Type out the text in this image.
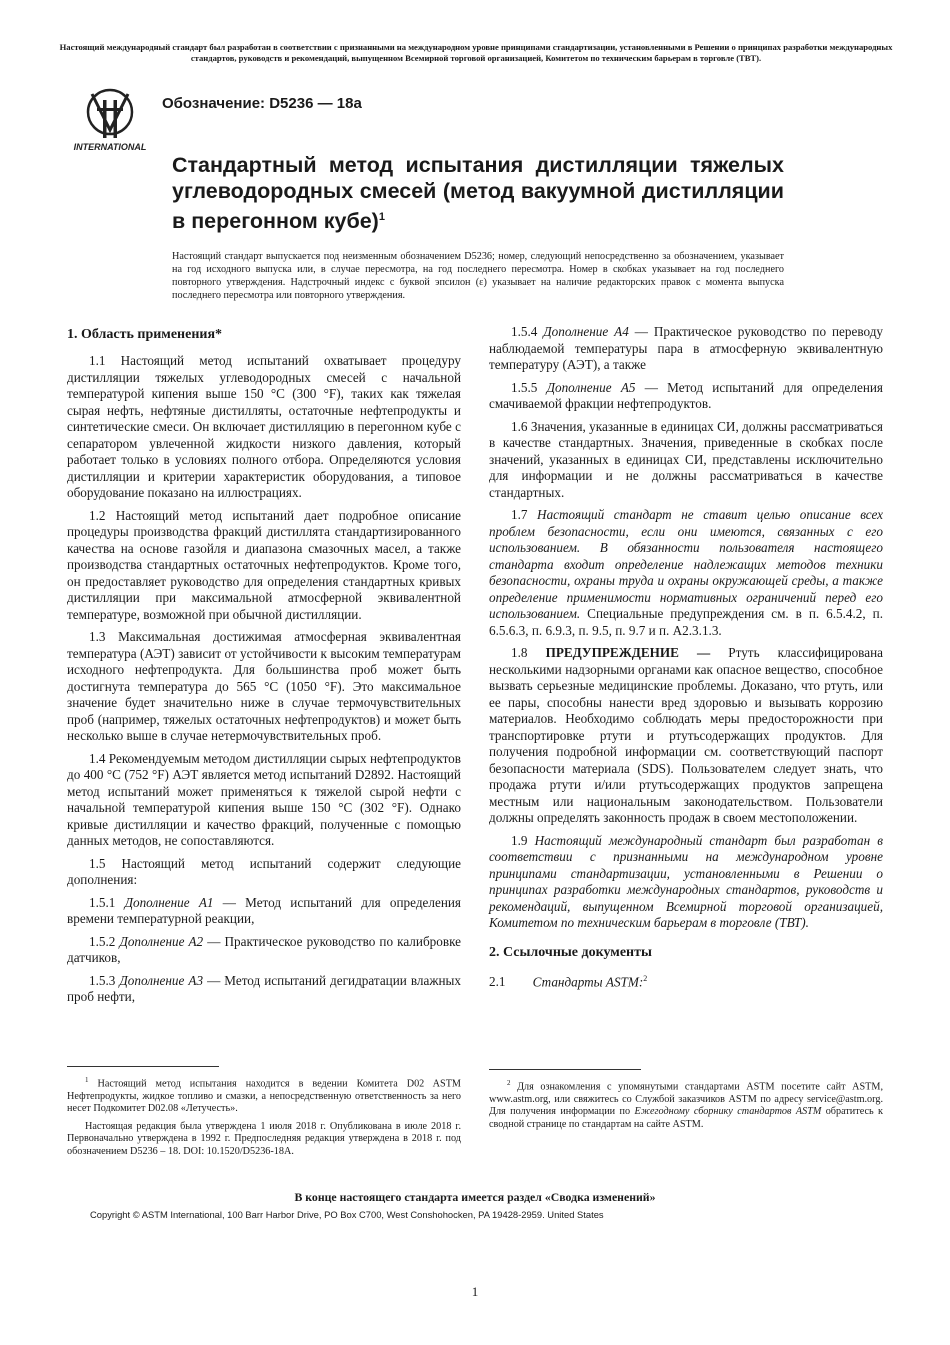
Настоящий международный стандарт был разработан в соответствии с признанными на международном уровне принципами стандартизации, установленными в Решении о принципах разработки международных стандартов, руководств и рекомендаций, выпущенном Всемирной торговой организацией, Комитетом по техническим барьерам в торговле (ТВТ).
INTERNATIONAL
Обозначение: D5236 — 18a
Стандартный метод испытания дистилляции тяжелых углеводородных смесей (метод вакуумной дистилляции в перегонном кубе)$^1$
Настоящий стандарт выпускается под неизменным обозначением D5236; номер, следующий непосредственно за обозначением, указывает на год исходного выпуска или, в случае пересмотра, на год последнего пересмотра. Номер в скобках указывает на год последнего повторного утверждения. Надстрочный индекс с буквой эпсилон (ε) указывает на наличие редакторских правок с момента выпуска последнего пересмотра или повторного утверждения.
1. Область применения*

1.1 Настоящий метод испытаний охватывает процедуру дистилляции тяжелых углеводородных смесей с начальной температурой кипения выше 150 °C (300 °F), таких как тяжелая сырая нефть, нефтяные дистилляты, остаточные нефтепродукты и синтетические смеси. Он включает дистилляцию в перегонном кубе с сепаратором увлеченной жидкости низкого давления, который работает только в условиях полного отбора. Определяются условия дистилляции и критерии характеристик оборудования, а типовое оборудование показано на иллюстрациях.

1.2 Настоящий метод испытаний дает подробное описание процедуры производства фракций дистиллята стандартизированного качества на основе газойля и диапазона смазочных масел, а также производства стандартных остаточных нефтепродуктов. Кроме того, он предоставляет руководство для определения стандартных кривых дистилляции при максимальной атмосферной эквивалентной температуре, возможной при обычной дистилляции.

1.3 Максимальная достижимая атмосферная эквивалентная температура (АЭТ) зависит от устойчивости к высоким температурам исходного нефтепродукта. Для большинства проб может быть достигнута температура до 565 °C (1050 °F). Это максимальное значение будет значительно ниже в случае термочувствительных проб (например, тяжелых остаточных нефтепродуктов) и может быть несколько выше в случае нетермочувствительных проб.

1.4 Рекомендуемым методом дистилляции сырых нефтепродуктов до 400 °C (752 °F) АЭТ является метод испытаний D2892. Настоящий метод испытаний может применяться к тяжелой сырой нефти с начальной температурой кипения выше 150 °C (302 °F). Однако кривые дистилляции и качество фракций, полученные с помощью данных методов, не сопоставляются.

1.5 Настоящий метод испытаний содержит следующие дополнения:

1.5.1 Дополнение A1 — Метод испытаний для определения времени температурной реакции,

1.5.2 Дополнение A2 — Практическое руководство по калибровке датчиков,

1.5.3 Дополнение A3 — Метод испытаний дегидратации влажных проб нефти,

$^1$ Настоящий метод испытания находится в ведении Комитета D02 ASTM Нефтепродукты, жидкое топливо и смазки, а непосредственную ответственность за него несет Подкомитет D02.08 «Летучесть».

Настоящая редакция была утверждена 1 июля 2018 г. Опубликована в июле 2018 г. Первоначально утверждена в 1992 г. Предпоследняя редакция утверждена в 2018 г. под обозначением D5236 – 18. DOI: 10.1520/D5236-18A.

1.5.4 Дополнение A4 — Практическое руководство по переводу наблюдаемой температуры пара в атмосферную эквивалентную температуру (АЭТ), а также

1.5.5 Дополнение A5 — Метод испытаний для определения смачиваемой фракции нефтепродуктов.

1.6 Значения, указанные в единицах СИ, должны рассматриваться в качестве стандартных. Значения, приведенные в скобках после значений, указанных в единицах СИ, представлены исключительно для информации и не должны рассматриваться в качестве стандартных.

1.7 Настоящий стандарт не ставит целью описание всех проблем безопасности, если они имеются, связанных с его использованием. В обязанности пользователя настоящего стандарта входит определение надлежащих методов техники безопасности, охраны труда и охраны окружающей среды, а также определение применимости нормативных ограничений перед его использованием. Специальные предупреждения см. в п. 6.5.4.2, п. 6.5.6.3, п. 6.9.3, п. 9.5, п. 9.7 и п. A2.3.1.3.

1.8 ПРЕДУПРЕЖДЕНИЕ — Ртуть классифицирована несколькими надзорными органами как опасное вещество, способное вызвать серьезные медицинские проблемы. Доказано, что ртуть, или ее пары, способны нанести вред здоровью и вызывать коррозию материалов. Необходимо соблюдать меры предосторожности при транспортировке ртути и ртутьсодержащих продуктов. Для получения подробной информации см. соответствующий паспорт безопасности материала (SDS). Пользователем следует знать, что продажа ртути и/или ртутьсодержащих продуктов запрещена местным или национальным законодательством. Пользователи должны определять законность продаж в своем местоположении.

1.9 Настоящий международный стандарт был разработан в соответствии с признанными на международном уровне принципами стандартизации, установленными в Решении о принципах разработки международных стандартов, руководств и рекомендаций, выпущенном Всемирной торговой организацией, Комитетом по техническим барьерам в торговле (ТВТ).

2. Ссылочные документы

2.1 Стандарты ASTM:$^2$

$^2$ Для ознакомления с упомянутыми стандартами ASTM посетите сайт ASTM, www.astm.org, или свяжитесь со Службой заказчиков ASTM по адресу service@astm.org. Для получения информации по Ежегодному сборнику стандартов ASTM обратитесь к сводной странице по стандартам на сайте ASTM.

В конце настоящего стандарта имеется раздел «Сводка изменений»
Copyright © ASTM International, 100 Barr Harbor Drive, PO Box C700, West Conshohocken, PA 19428-2959. United States
1
